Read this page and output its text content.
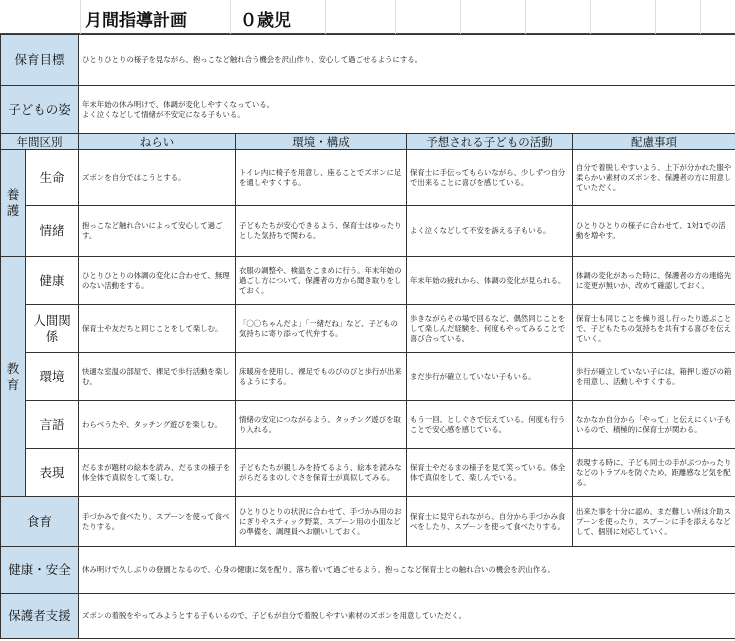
月間指導計画	０歳児
保育目標		ひとりひとりの様子を見ながら、抱っこなど触れ合う機会を沢山作り、安心して過ごせるようにする。			
子どもの姿		年末年始の休み明けで、体調が変化しやすくなっている。
よく泣くなどして情緒が不安定になる子もいる。			

年間区別		ねらい	環境・構成	予想される子どもの活動	配慮事項
養護	生命	ズボンを自分ではこうとする。	トイレ内に椅子を用意し、座ることでズボンに足を通しやすくする。	保育士に手伝ってもらいながら、少しずつ自分で出来ることに喜びを感じている。	自分で着脱しやすいよう、上下が分かれた服や柔らかい素材のズボンを、保護者の方に用意していただく。
	情緒	抱っこなど触れ合いによって安心して過ごす。	子どもたちが安心できるよう、保育士はゆったりとした気持ちで関わる。	よく泣くなどして不安を訴える子もいる。	ひとりひとりの様子に合わせて、1対1での活動を増やす。
教育	健康	ひとりひとりの体調の変化に合わせて、無理のない活動をする。	衣服の調整や、検温をこまめに行う。年末年始の過ごし方について、保護者の方から聞き取りをしておく。	年末年始の疲れから、体調の変化が見られる。	体調の変化があった時に、保護者の方の連絡先に変更が無いか、改めて確認しておく。
	人間関係	保育士や友だちと同じことをして楽しむ。	「〇〇ちゃんだよ」「一緒だね」など、子どもの気持ちに寄り添って代弁する。	歩きながらその場で回るなど、偶然同じことをして楽しんだ経験を、何度もやってみることで喜び合っている。	保育士も同じことを繰り返し行ったり遊ぶことで、子どもたちの気持ちを共有する喜びを伝えていく。
	環境	快適な室温の部屋で、裸足で歩行活動を楽しむ。	床暖房を使用し、裸足でものびのびと歩行が出来るようにする。	まだ歩行が確立していない子もいる。	歩行が確立していない子には、箱押し遊びの箱を用意し、活動しやすくする。
	言語	わらべうたや、タッチング遊びを楽しむ。	情緒の安定につながるよう、タッチング遊びを取り入れる。	もう一回、としぐさで伝えている。何度も行うことで安心感を感じている。	なかなか自分から「やって」と伝えにくい子もいるので、積極的に保育士が関わる。
	表現	だるまが題材の絵本を読み、だるまの様子を体全体で真似をして楽しむ。	子どもたちが親しみを持てるよう、絵本を読みながらだるまのしぐさを保育士が真似してみる。	保育士やだるまの様子を見て笑っている。体全体で真似をして、楽しんでいる。	表現する時に、子ども同士の手がぶつかったりなどのトラブルを防ぐため、距離感など気を配る。
食育		手づかみで食べたり、スプーンを使って食べたりする。	ひとりひとりの状況に合わせて、手づかみ用のおにぎりやスティック野菜、スプーン用の小皿などの準備を、調理員へお願いしておく。	保育士に見守られながら、自分から手づかみ食べをしたり、スプーンを使って食べたりする。	出来た事を十分に認め、まだ難しい所は介助スプーンを使ったり、スプーンに手を添えるなどして、個別に対応していく。
健康・安全		休み明けで久しぶりの登園となるので、心身の健康に気を配り、落ち着いて過ごせるよう、抱っこなど保育士との触れ合いの機会を沢山作る。			
保護者支援		ズボンの着脱をやってみようとする子もいるので、子どもが自分で着脱しやすい素材のズボンを用意していただく。			
